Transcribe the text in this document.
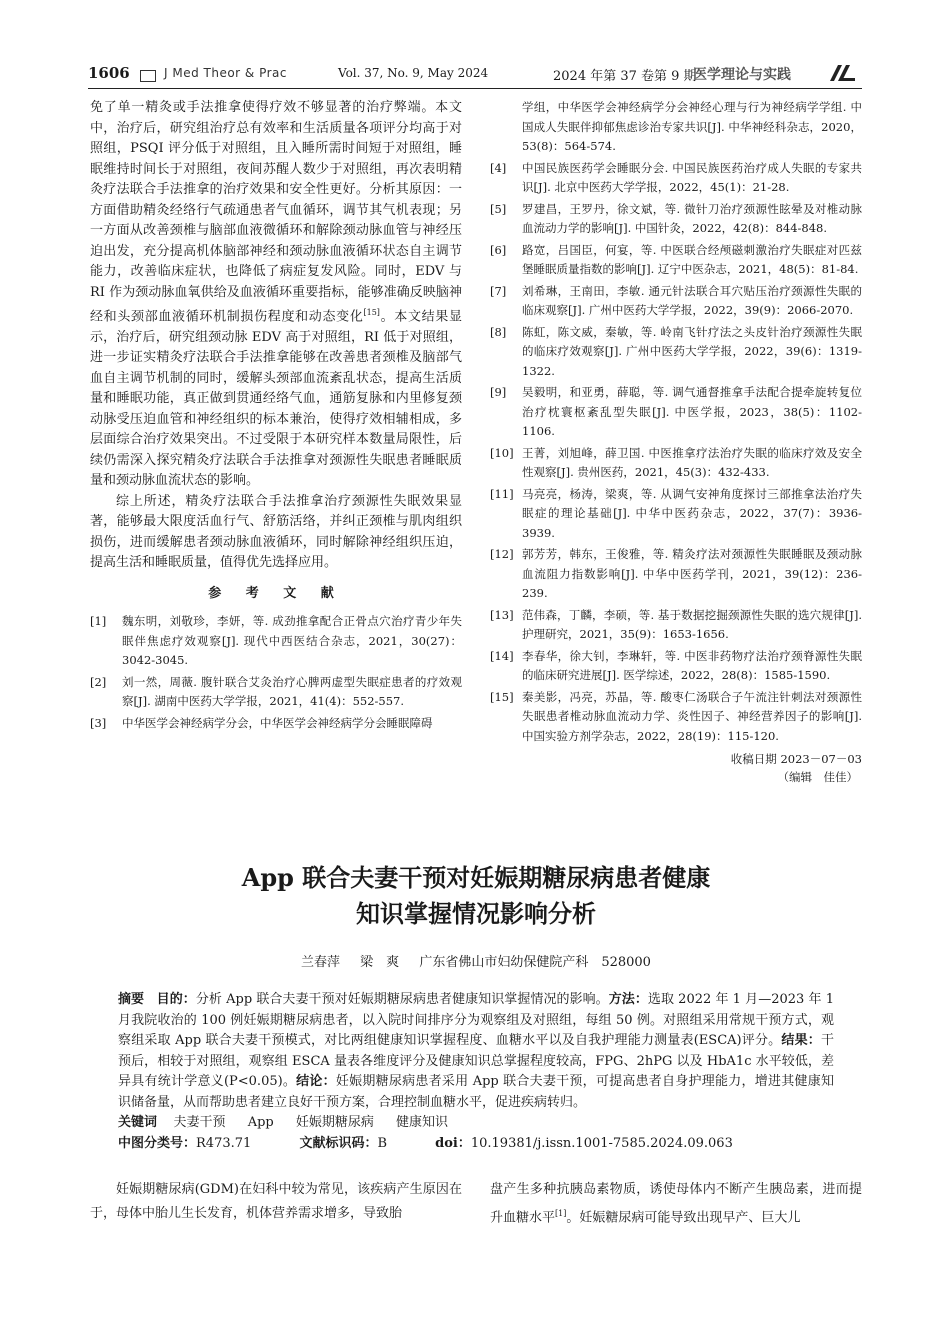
1606	J Med Theor & Prac	Vol. 37, No. 9, May 2024	2024 年第 37 卷第 9 期
医学理论与实践

免了单一精灸或手法推拿使得疗效不够显著的治疗弊端。本文中，治疗后，研究组治疗总有效率和生活质量各项评分均高于对照组，PSQI 评分低于对照组，且入睡所需时间短于对照组，睡眠维持时间长于对照组，夜间苏醒人数少于对照组，再次表明精灸疗法联合手法推拿的治疗效果和安全性更好。分析其原因：一方面借助精灸经络行气疏通患者气血循环，调节其气机表现；另一方面从改善颈椎与脑部血液微循环和解除颈动脉血管与神经压迫出发，充分提高机体脑部神经和颈动脉血液循环状态自主调节能力，改善临床症状，也降低了病症复发风险。同时，EDV 与 RI 作为颈动脉血氧供给及血液循环重要指标，能够准确反映脑神经和头颈部血液循环机制损伤程度和动态变化[15]。本文结果显示，治疗后，研究组颈动脉 EDV 高于对照组，RI 低于对照组，进一步证实精灸疗法联合手法推拿能够在改善患者颈椎及脑部气血自主调节机制的同时，缓解头颈部血流紊乱状态，提高生活质量和睡眠功能，真正做到贯通经络气血，通筋复脉和内里修复颈动脉受压迫血管和神经组织的标本兼治，使得疗效相辅相成，多层面综合治疗效果突出。不过受限于本研究样本数量局限性，后续仍需深入探究精灸疗法联合手法推拿对颈源性失眠患者睡眠质量和颈动脉血流状态的影响。

综上所述，精灸疗法联合手法推拿治疗颈源性失眠效果显著，能够最大限度活血行气、舒筋活络，并纠正颈椎与肌肉组织损伤，进而缓解患者颈动脉血液循环，同时解除神经组织压迫，提高生活和睡眠质量，值得优先选择应用。

参 考 文 献
[1] 魏东明，刘敬珍，李妍，等. 成劲推拿配合正骨点穴治疗青少年失眠伴焦虑疗效观察[J]. 现代中西医结合杂志，2021，30(27)：3042-3045.
[2] 刘一然，周薇. 腹针联合艾灸治疗心脾两虚型失眠症患者的疗效观察[J]. 湖南中医药大学学报，2021，41(4)：552-557.
[3] 中华医学会神经病学分会，中华医学会神经病学分会睡眠障碍
学组，中华医学会神经病学分会神经心理与行为神经病学学组. 中国成人失眠伴抑郁焦虑诊治专家共识[J]. 中华神经科杂志，2020，53(8)：564-574.
[4] 中国民族医药学会睡眠分会. 中国民族医药治疗成人失眠的专家共识[J]. 北京中医药大学学报，2022，45(1)：21-28.
[5] 罗建昌，王罗丹，徐文斌，等. 微针刀治疗颈源性眩晕及对椎动脉血流动力学的影响[J]. 中国针灸，2022，42(8)：844-848.
[6] 路宽，吕国臣，何宴，等. 中医联合经颅磁刺激治疗失眠症对匹兹堡睡眠质量指数的影响[J]. 辽宁中医杂志，2021，48(5)：81-84.
[7] 刘希琳，王南田，李敏. 通元针法联合耳穴贴压治疗颈源性失眠的临床观察[J]. 广州中医药大学学报，2022，39(9)：2066-2070.
[8] 陈虹，陈文威，秦敏，等. 岭南飞针疗法之头皮针治疗颈源性失眠的临床疗效观察[J]. 广州中医药大学学报，2022，39(6)：1319-1322.
[9] 吴毅明，和亚勇，薛聪，等. 调气通督推拿手法配合提牵旋转复位治疗枕寰枢紊乱型失眠[J]. 中医学报，2023，38(5)：1102-1106.
[10] 王菁，刘旭峰，薛卫国. 中医推拿疗法治疗失眠的临床疗效及安全性观察[J]. 贵州医药，2021，45(3)：432-433.
[11] 马亮亮，杨涛，梁爽，等. 从调气安神角度探讨三部推拿法治疗失眠症的理论基础[J]. 中华中医药杂志，2022，37(7)：3936-3939.
[12] 郭芳芳，韩东，王俊雅，等. 精灸疗法对颈源性失眠睡眠及颈动脉血流阻力指数影响[J]. 中华中医药学刊，2021，39(12)：236-239.
[13] 范伟森，丁麟，李硕，等. 基于数据挖掘颈源性失眠的选穴规律[J]. 护理研究，2021，35(9)：1653-1656.
[14] 李春华，徐大钊，李琳轩，等. 中医非药物疗法治疗颈脊源性失眠的临床研究进展[J]. 医学综述，2022，28(8)：1585-1590.
[15] 秦美影，冯亮，苏晶，等. 酸枣仁汤联合子午流注针刺法对颈源性失眠患者椎动脉血流动力学、炎性因子、神经营养因子的影响[J]. 中国实验方剂学杂志，2022，28(19)：115-120.
收稿日期 2023－07－03
（编辑　佳佳）
App 联合夫妻干预对妊娠期糖尿病患者健康
知识掌握情况影响分析
兰春萍 梁　爽 广东省佛山市妇幼保健院产科　528000
摘要 目的：分析 App 联合夫妻干预对妊娠期糖尿病患者健康知识掌握情况的影响。方法：选取 2022 年 1 月—2023 年 1 月我院收治的 100 例妊娠期糖尿病患者，以入院时间排序分为观察组及对照组，每组 50 例。对照组采用常规干预方式，观察组采取 App 联合夫妻干预模式，对比两组健康知识掌握程度、血糖水平以及自我护理能力测量表(ESCA)评分。结果：干预后，相较于对照组，观察组 ESCA 量表各维度评分及健康知识总掌握程度较高，FPG、2hPG 以及 HbA1c 水平较低，差异具有统计学意义(P<0.05)。结论：妊娠期糖尿病患者采用 App 联合夫妻干预，可提高患者自身护理能力，增进其健康知识储备量，从而帮助患者建立良好干预方案，合理控制血糖水平，促进疾病转归。
关键词 夫妻干预 App 妊娠期糖尿病 健康知识
中图分类号：R473.71	文献标识码：B	doi：10.19381/j.issn.1001-7585.2024.09.063

妊娠期糖尿病(GDM)在妇科中较为常见，该疾病产生原因在于，母体中胎儿生长发育，机体营养需求增多，导致胎

盘产生多种抗胰岛素物质，诱使母体内不断产生胰岛素，进而提升血糖水平[1]。妊娠糖尿病可能导致出现早产、巨大儿
